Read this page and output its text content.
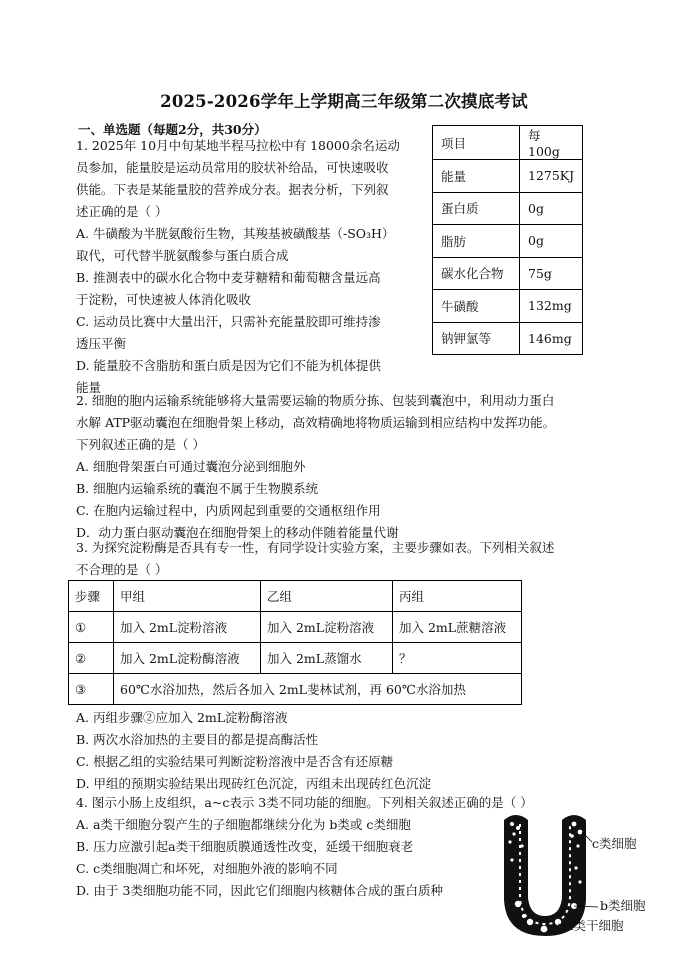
2025-2026学年上学期高三年级第二次摸底考试
一、单选题（每题2分，共30分）
1. 2025年 10月中旬某地半程马拉松中有 18000余名运动
员参加，能量胶是运动员常用的胶状补给品，可快速吸收
供能。下表是某能量胶的营养成分表。据表分析，下列叙
述正确的是（ ）
A. 牛磺酸为半胱氨酸衍生物，其羧基被磺酸基（-SO₃H）
取代，可代替半胱氨酸参与蛋白质合成
B. 推测表中的碳水化合物中麦芽糖精和葡萄糖含量远高
于淀粉，可快速被人体消化吸收
C. 运动员比赛中大量出汗，只需补充能量胶即可维持渗
透压平衡
D. 能量胶不含脂肪和蛋白质是因为它们不能为机体提供
能量
项目	每 100g
能量	1275KJ
蛋白质	0g
脂肪	0g
碳水化合物	75g
牛磺酸	132mg
钠钾氯等	146mg
2. 细胞的胞内运输系统能够将大量需要运输的物质分拣、包装到囊泡中，利用动力蛋白
水解 ATP驱动囊泡在细胞骨架上移动，高效精确地将物质运输到相应结构中发挥功能。
下列叙述正确的是（ ）
A. 细胞骨架蛋白可通过囊泡分泌到细胞外
B. 细胞内运输系统的囊泡不属于生物膜系统
C. 在胞内运输过程中，内质网起到重要的交通枢纽作用
D．动力蛋白驱动囊泡在细胞骨架上的移动伴随着能量代谢
3. 为探究淀粉酶是否具有专一性，有同学设计实验方案，主要步骤如表。下列相关叙述
不合理的是（ ）
步骤	甲组	乙组	丙组
①	加入 2mL淀粉溶液	加入 2mL淀粉溶液	加入 2mL蔗糖溶液
②	加入 2mL淀粉酶溶液	加入 2mL蒸馏水	？
③	60℃水浴加热，然后各加入 2mL斐林试剂，再 60℃水浴加热		
A. 丙组步骤②应加入 2mL淀粉酶溶液
B. 两次水浴加热的主要目的都是提高酶活性
C. 根据乙组的实验结果可判断淀粉溶液中是否含有还原糖
D. 甲组的预期实验结果出现砖红色沉淀，丙组未出现砖红色沉淀
4. 图示小肠上皮组织，a~c表示 3类不同功能的细胞。下列相关叙述正确的是（ ）
A. a类干细胞分裂产生的子细胞都继续分化为 b类或 c类细胞
B. 压力应激引起a类干细胞质膜通透性改变，延缓干细胞衰老
C. c类细胞凋亡和坏死，对细胞外液的影响不同
D. 由于 3类细胞功能不同，因此它们细胞内核糖体合成的蛋白质种
c类细胞
b类细胞
a类干细胞
